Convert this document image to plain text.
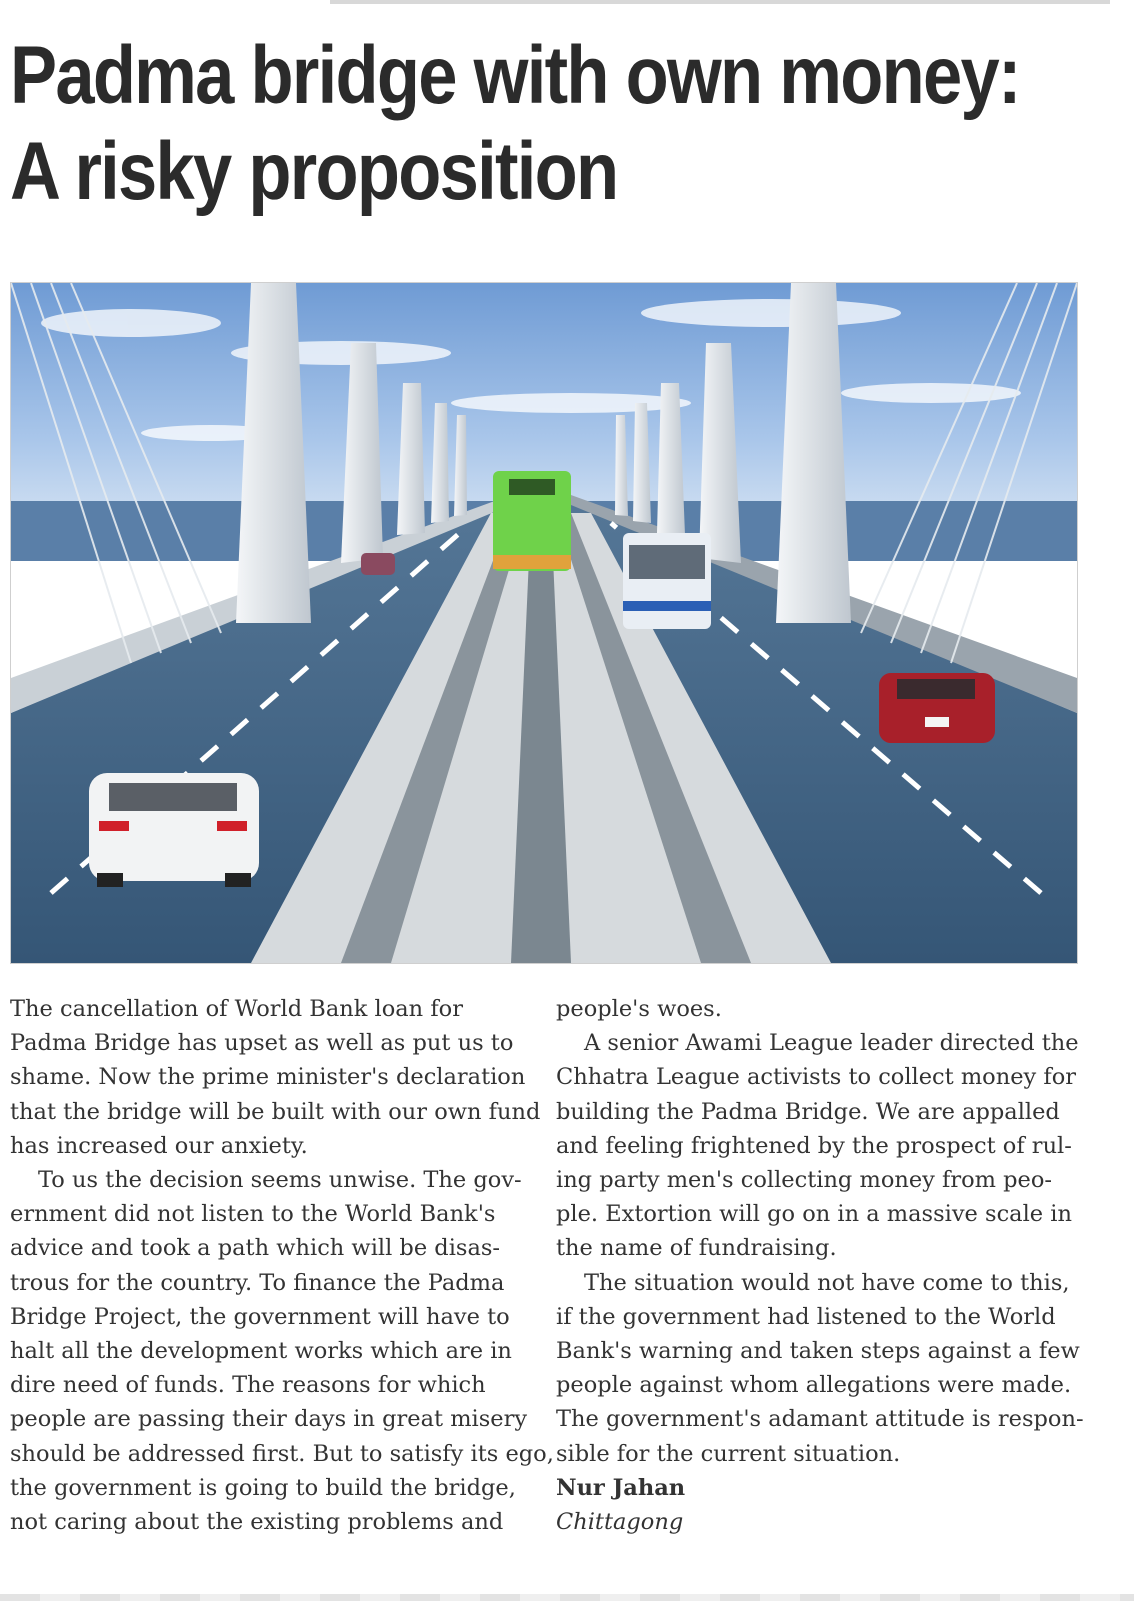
Padma bridge with own money:
A risky proposition
The cancellation of World Bank loan for
Padma Bridge has upset as well as put us to
shame. Now the prime minister's declaration
that the bridge will be built with our own fund
has increased our anxiety.
To us the decision seems unwise. The gov-
ernment did not listen to the World Bank's
advice and took a path which will be disas-
trous for the country. To finance the Padma
Bridge Project, the government will have to
halt all the development works which are in
dire need of funds. The reasons for which
people are passing their days in great misery
should be addressed first. But to satisfy its ego,
the government is going to build the bridge,
not caring about the existing problems and
people's woes.
A senior Awami League leader directed the
Chhatra League activists to collect money for
building the Padma Bridge. We are appalled
and feeling frightened by the prospect of rul-
ing party men's collecting money from peo-
ple. Extortion will go on in a massive scale in
the name of fundraising.
The situation would not have come to this,
if the government had listened to the World
Bank's warning and taken steps against a few
people against whom allegations were made.
The government's adamant attitude is respon-
sible for the current situation.
Nur Jahan
Chittagong
